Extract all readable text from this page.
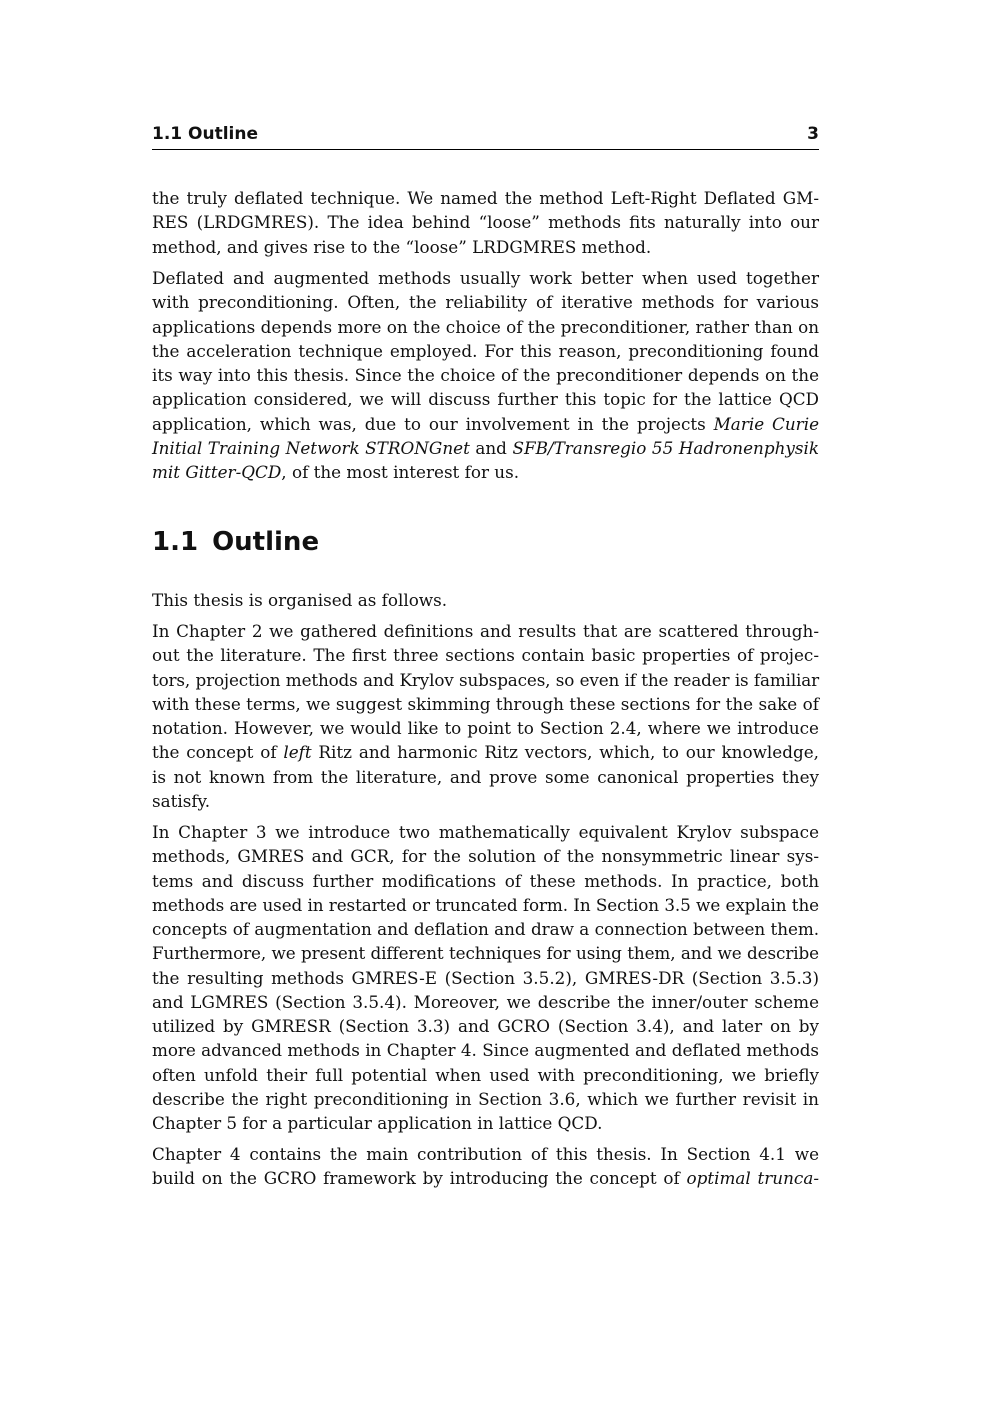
1.1 Outline	3
the truly deflated technique. We named the method Left-Right Deflated GM-
RES (LRDGMRES). The idea behind “loose” methods fits naturally into our
method, and gives rise to the “loose” LRDGMRES method.
Deflated and augmented methods usually work better when used together
with preconditioning. Often, the reliability of iterative methods for various
applications depends more on the choice of the preconditioner, rather than on
the acceleration technique employed. For this reason, preconditioning found
its way into this thesis. Since the choice of the preconditioner depends on the
application considered, we will discuss further this topic for the lattice QCD
application, which was, due to our involvement in the projects Marie Curie
Initial Training Network STRONGnet and SFB/Transregio 55 Hadronenphysik
mit Gitter-QCD, of the most interest for us.
1.1 Outline
This thesis is organised as follows.
In Chapter 2 we gathered definitions and results that are scattered through-
out the literature. The first three sections contain basic properties of projec-
tors, projection methods and Krylov subspaces, so even if the reader is familiar
with these terms, we suggest skimming through these sections for the sake of
notation. However, we would like to point to Section 2.4, where we introduce
the concept of left Ritz and harmonic Ritz vectors, which, to our knowledge,
is not known from the literature, and prove some canonical properties they
satisfy.
In Chapter 3 we introduce two mathematically equivalent Krylov subspace
methods, GMRES and GCR, for the solution of the nonsymmetric linear sys-
tems and discuss further modifications of these methods. In practice, both
methods are used in restarted or truncated form. In Section 3.5 we explain the
concepts of augmentation and deflation and draw a connection between them.
Furthermore, we present different techniques for using them, and we describe
the resulting methods GMRES-E (Section 3.5.2), GMRES-DR (Section 3.5.3)
and LGMRES (Section 3.5.4). Moreover, we describe the inner/outer scheme
utilized by GMRESR (Section 3.3) and GCRO (Section 3.4), and later on by
more advanced methods in Chapter 4. Since augmented and deflated methods
often unfold their full potential when used with preconditioning, we briefly
describe the right preconditioning in Section 3.6, which we further revisit in
Chapter 5 for a particular application in lattice QCD.
Chapter 4 contains the main contribution of this thesis. In Section 4.1 we
build on the GCRO framework by introducing the concept of optimal trunca-
